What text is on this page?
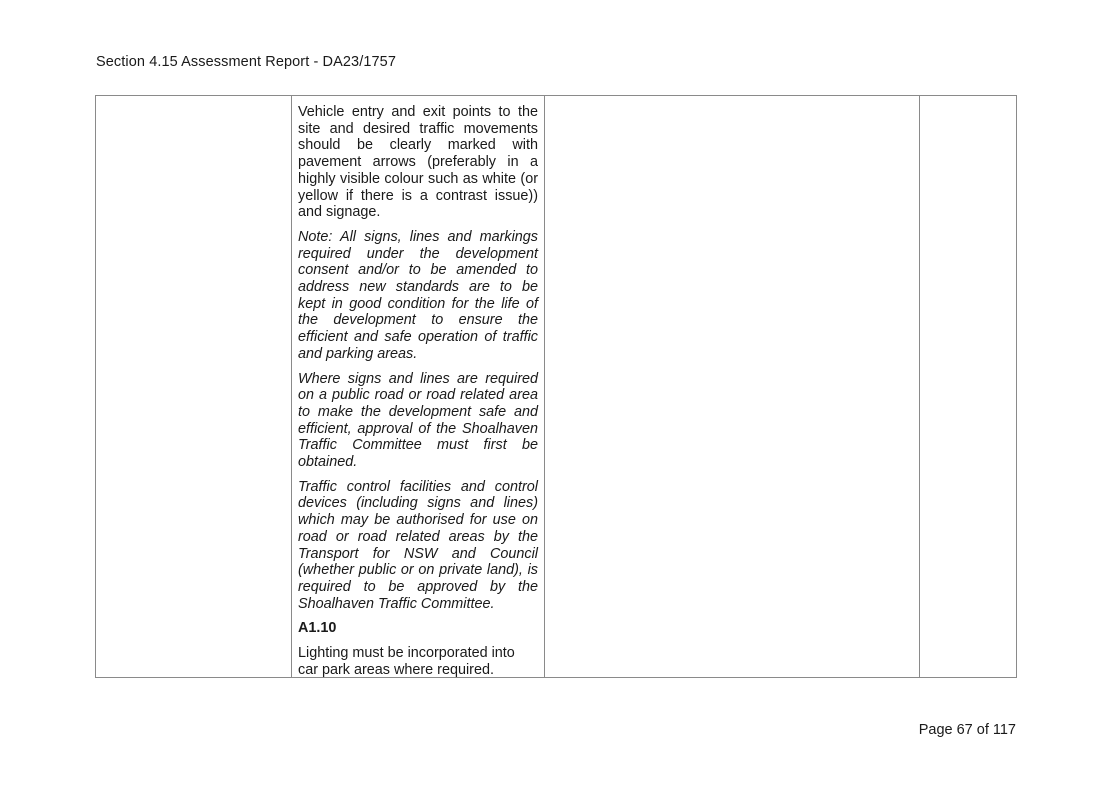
Section 4.15 Assessment Report - DA23/1757

Vehicle entry and exit points to the site and desired traffic movements should be clearly marked with pavement arrows (preferably in a highly visible colour such as white (or yellow if there is a contrast issue)) and signage.

Note: All signs, lines and markings required under the development consent and/or to be amended to address new standards are to be kept in good condition for the life of the development to ensure the efficient and safe operation of traffic and parking areas.

Where signs and lines are required on a public road or road related area to make the development safe and efficient, approval of the Shoalhaven Traffic Committee must first be obtained.

Traffic control facilities and control devices (including signs and lines) which may be authorised for use on road or road related areas by the Transport for NSW and Council (whether public or on private land), is required to be approved by the Shoalhaven Traffic Committee.

A1.10

Lighting must be incorporated into car park areas where required.

Page 67 of 117
